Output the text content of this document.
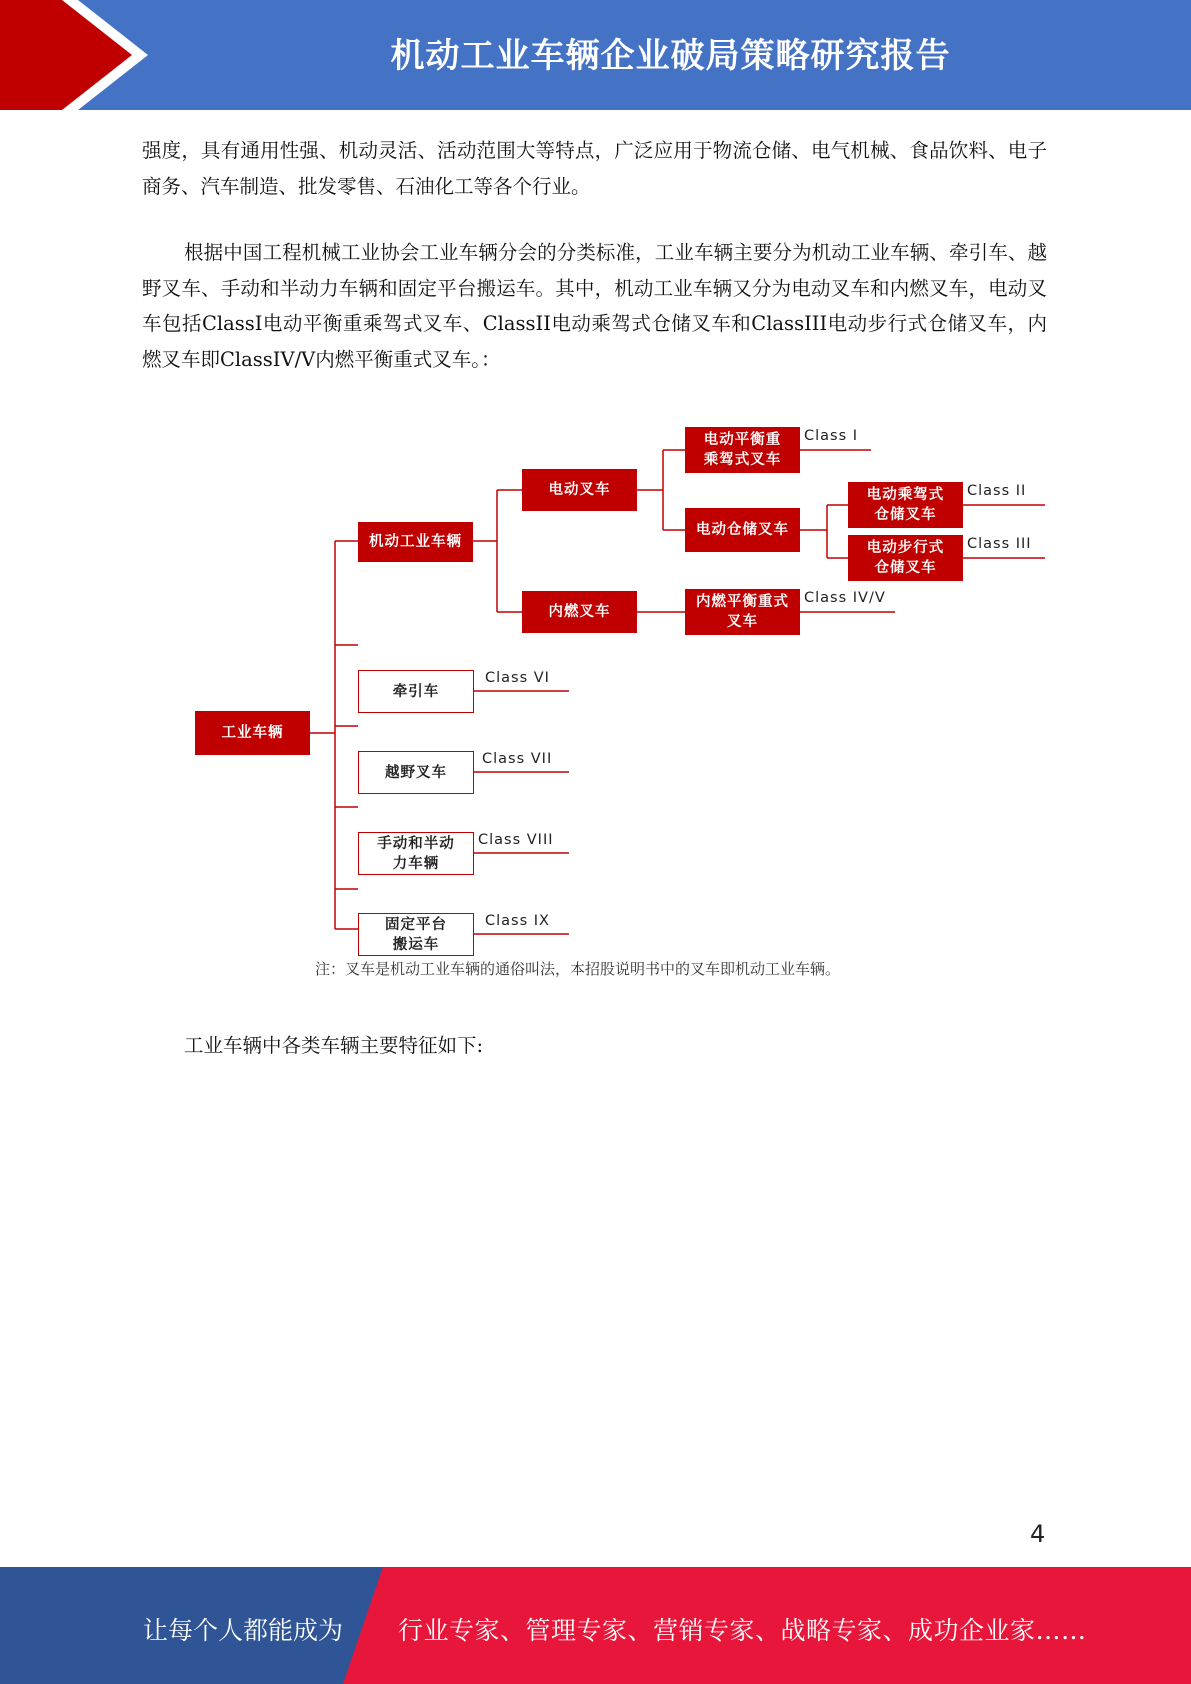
机动工业车辆企业破局策略研究报告

强度，具有通用性强、机动灵活、活动范围大等特点，广泛应用于物流仓储、电气机械、食品饮料、电子商务、汽车制造、批发零售、石油化工等各个行业。

根据中国工程机械工业协会工业车辆分会的分类标准，工业车辆主要分为机动工业车辆、牵引车、越野叉车、手动和半动力车辆和固定平台搬运车。其中，机动工业车辆又分为电动叉车和内燃叉车，电动叉车包括ClassI电动平衡重乘驾式叉车、ClassII电动乘驾式仓储叉车和ClassIII电动步行式仓储叉车，内燃叉车即ClassIV/V内燃平衡重式叉车。：

工业车辆
机动工业车辆
电动叉车
内燃叉车
电动平衡重乘驾式叉车
电动仓储叉车
电动乘驾式仓储叉车
电动步行式仓储叉车
内燃平衡重式叉车
牵引车
越野叉车
手动和半动力车辆
固定平台搬运车
Class I
Class II
Class III
Class IV/V
Class VI
Class VII
Class VIII
Class IX
注：叉车是机动工业车辆的通俗叫法，本招股说明书中的叉车即机动工业车辆。

工业车辆中各类车辆主要特征如下:

4
让每个人都能成为 行业专家、管理专家、营销专家、战略专家、成功企业家……
